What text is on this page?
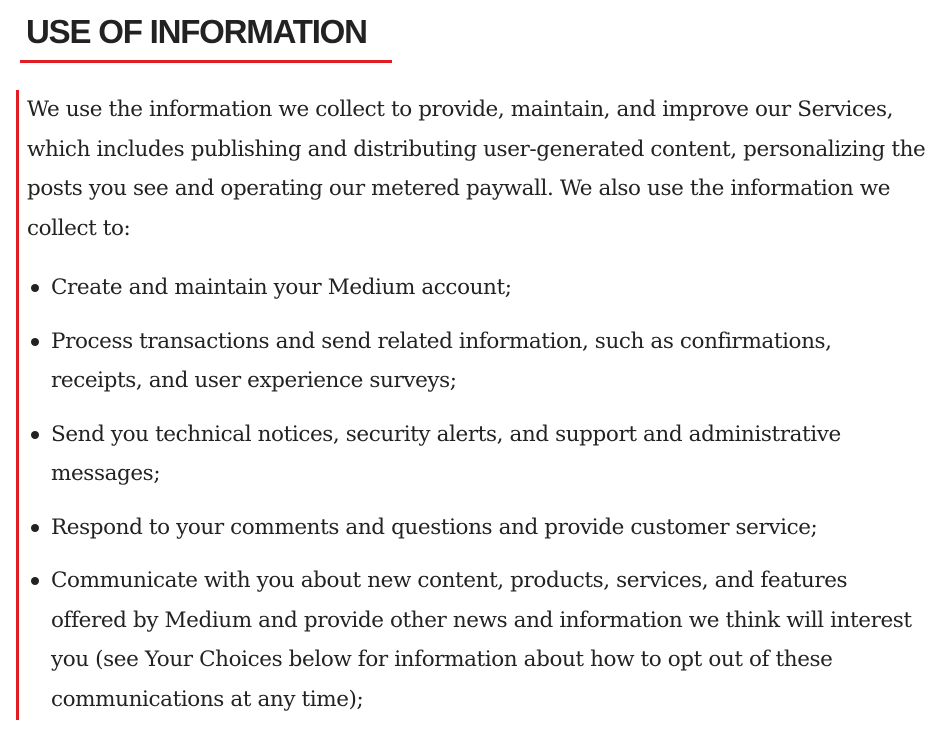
USE OF INFORMATION

We use the information we collect to provide, maintain, and improve our Services, which includes publishing and distributing user-generated content, personalizing the posts you see and operating our metered paywall. We also use the information we collect to:

Create and maintain your Medium account;
Process transactions and send related information, such as confirmations, receipts, and user experience surveys;
Send you technical notices, security alerts, and support and administrative messages;
Respond to your comments and questions and provide customer service;
Communicate with you about new content, products, services, and features offered by Medium and provide other news and information we think will interest you (see Your Choices below for information about how to opt out of these communications at any time);
